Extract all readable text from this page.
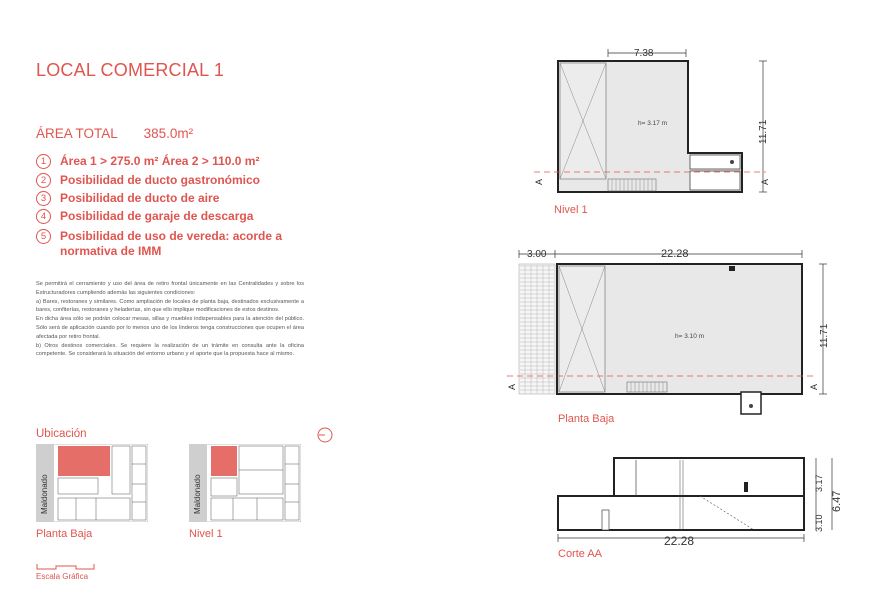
LOCAL COMERCIAL 1
ÁREA TOTAL 385.0m²
1	Área 1 > 275.0 m² Área 2 > 110.0 m²
2	Posibilidad de ducto gastronómico
3	Posibilidad de ducto de aire
4	Posibilidad de garaje de descarga
5	Posibilidad de uso de vereda: acorde a normativa de IMM

Se permitirá el cerramiento y uso del área de retiro frontal únicamente en las Centralidades y sobre los Estructuradores cumpliendo además las siguientes condiciones:

a) Bares, restoranes y similares. Como ampliación de locales de planta baja, destinados exclusivamente a bares, confiterías, restoranes y heladerías, sin que ello implique modificaciones de estos destinos.

En dicha área sólo se podrán colocar mesas, sillas y muebles indispensables para la atención del público. Sólo será de aplicación cuando por lo menos uno de los linderos tenga construcciones que ocupen el área afectada por retiro frontal.

b) Otros destinos comerciales. Se requiere la realización de un trámite en consulta ante la oficina competente. Se considerará la situación del entorno urbano y el aporte que la propuesta hace al mismo.

Ubicación
Maldonado
Planta Baja
Maldonado
Nivel 1
Escala Gráfica
7.38
h= 3.17 m
A	A
11.71
Nivel 1
3.00	22.28
h= 3.10 m
A	A
11.71
Planta Baja
22.28
3.10
3.17
6.47
Corte AA
